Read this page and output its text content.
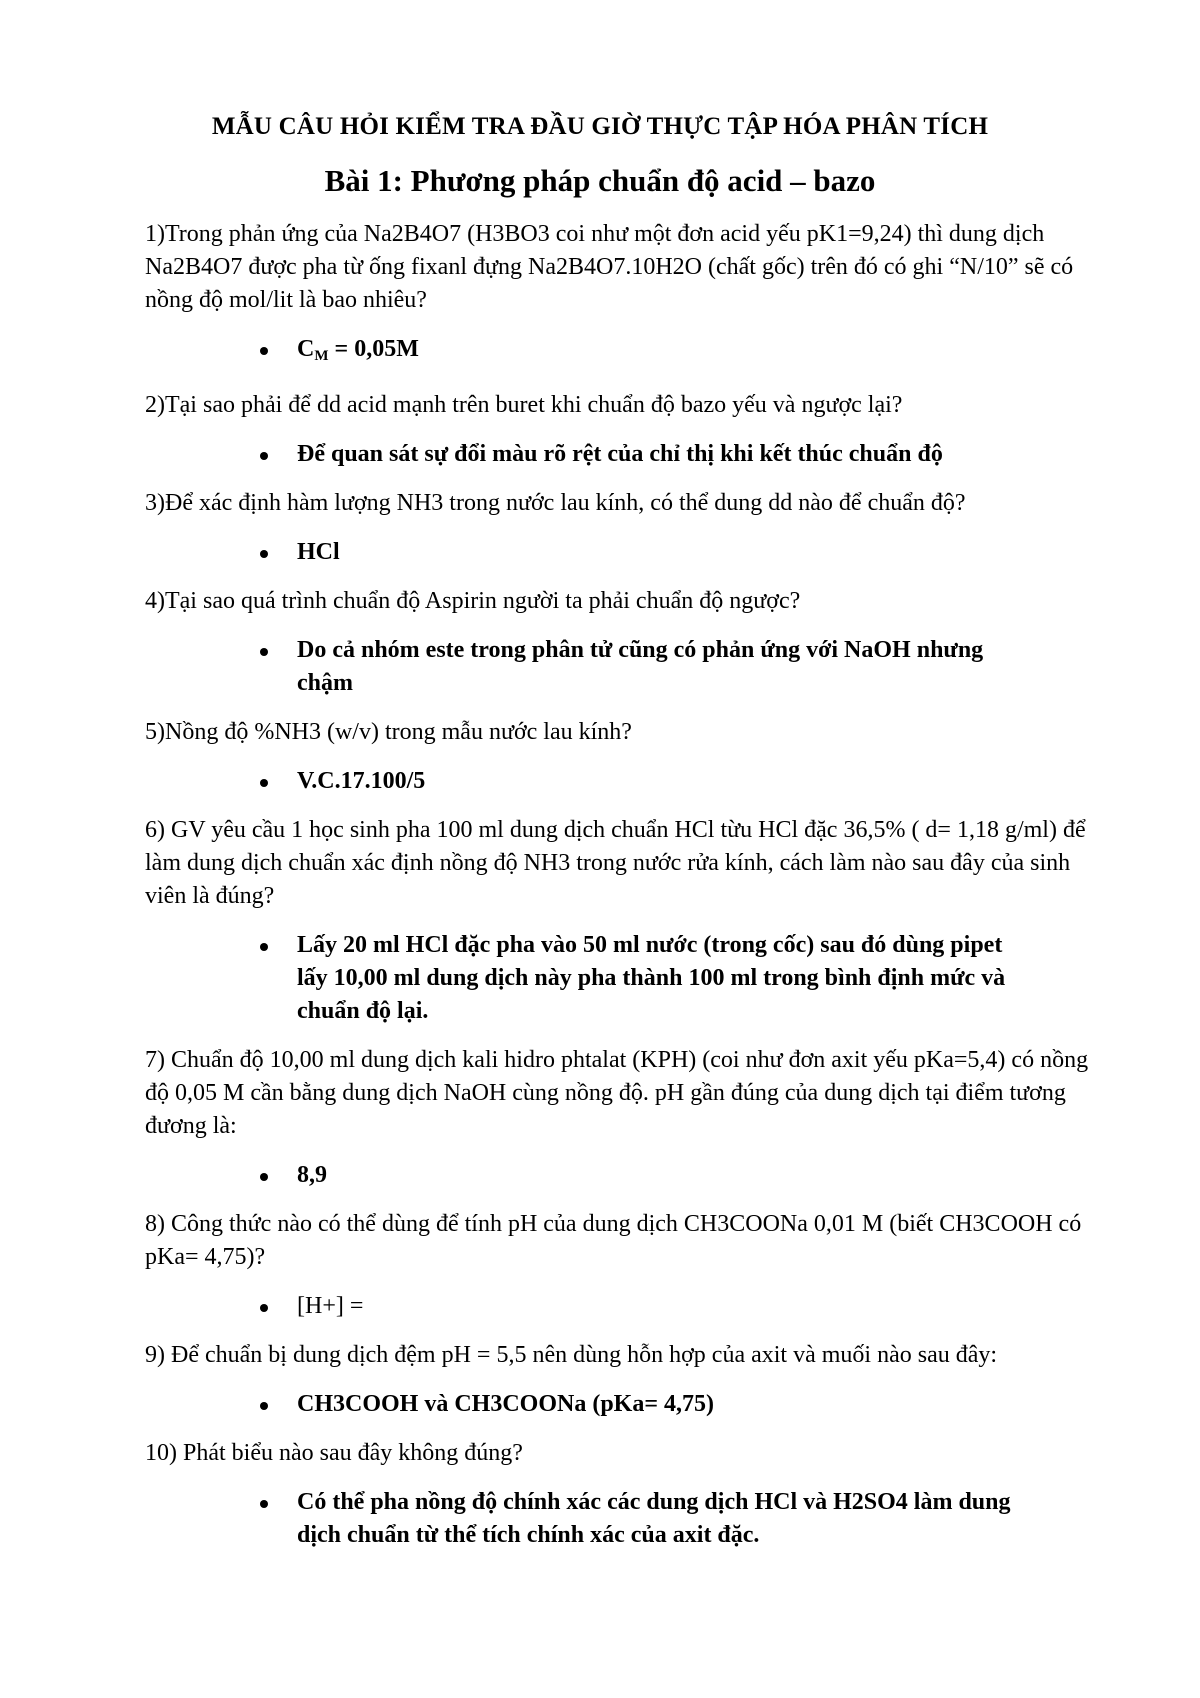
MẪU CÂU HỎI KIỂM TRA ĐẦU GIỜ THỰC TẬP HÓA PHÂN TÍCH
Bài 1: Phương pháp chuẩn độ acid – bazo

1)Trong phản ứng của Na2B4O7 (H3BO3 coi như một đơn acid yếu pK1=9,24) thì dung dịch Na2B4O7 được pha từ ống fixanl đựng Na2B4O7.10H2O (chất gốc) trên đó có ghi “N/10” sẽ có nồng độ mol/lit là bao nhiêu?

$C_M = 0,05M$

2)Tại sao phải để dd acid mạnh trên buret khi chuẩn độ bazo yếu và ngược lại?

Để quan sát sự đổi màu rõ rệt của chỉ thị khi kết thúc chuẩn độ

3)Để xác định hàm lượng NH3 trong nước lau kính, có thể dung dd nào để chuẩn độ?

HCl

4)Tại sao quá trình chuẩn độ Aspirin người ta phải chuẩn độ ngược?

Do cả nhóm este trong phân tử cũng có phản ứng với NaOH nhưng chậm

5)Nồng độ %NH3 (w/v) trong mẫu nước lau kính?

V.C.17.100/5

6) GV yêu cầu 1 học sinh pha 100 ml dung dịch chuẩn HCl từu HCl đặc 36,5% ( d= 1,18 g/ml) để làm dung dịch chuẩn xác định nồng độ NH3 trong nước rửa kính, cách làm nào sau đây của sinh viên là đúng?

Lấy 20 ml HCl đặc pha vào 50 ml nước (trong cốc) sau đó dùng pipet lấy 10,00 ml dung dịch này pha thành 100 ml trong bình định mức và chuẩn độ lại.

7) Chuẩn độ 10,00 ml dung dịch kali hidro phtalat (KPH) (coi như đơn axit yếu pKa=5,4) có nồng độ 0,05 M cần bằng dung dịch NaOH cùng nồng độ. pH gần đúng của dung dịch tại điểm tương đương là:

8,9

8) Công thức nào có thể dùng để tính pH của dung dịch CH3COONa 0,01 M (biết CH3COOH có pKa= 4,75)?

[H+] =

9) Để chuẩn bị dung dịch đệm pH = 5,5 nên dùng hỗn hợp của axit và muối nào sau đây:

CH3COOH và CH3COONa (pKa= 4,75)

10) Phát biểu nào sau đây không đúng?

Có thể pha nồng độ chính xác các dung dịch HCl và H2SO4 làm dung dịch chuẩn từ thể tích chính xác của axit đặc.
